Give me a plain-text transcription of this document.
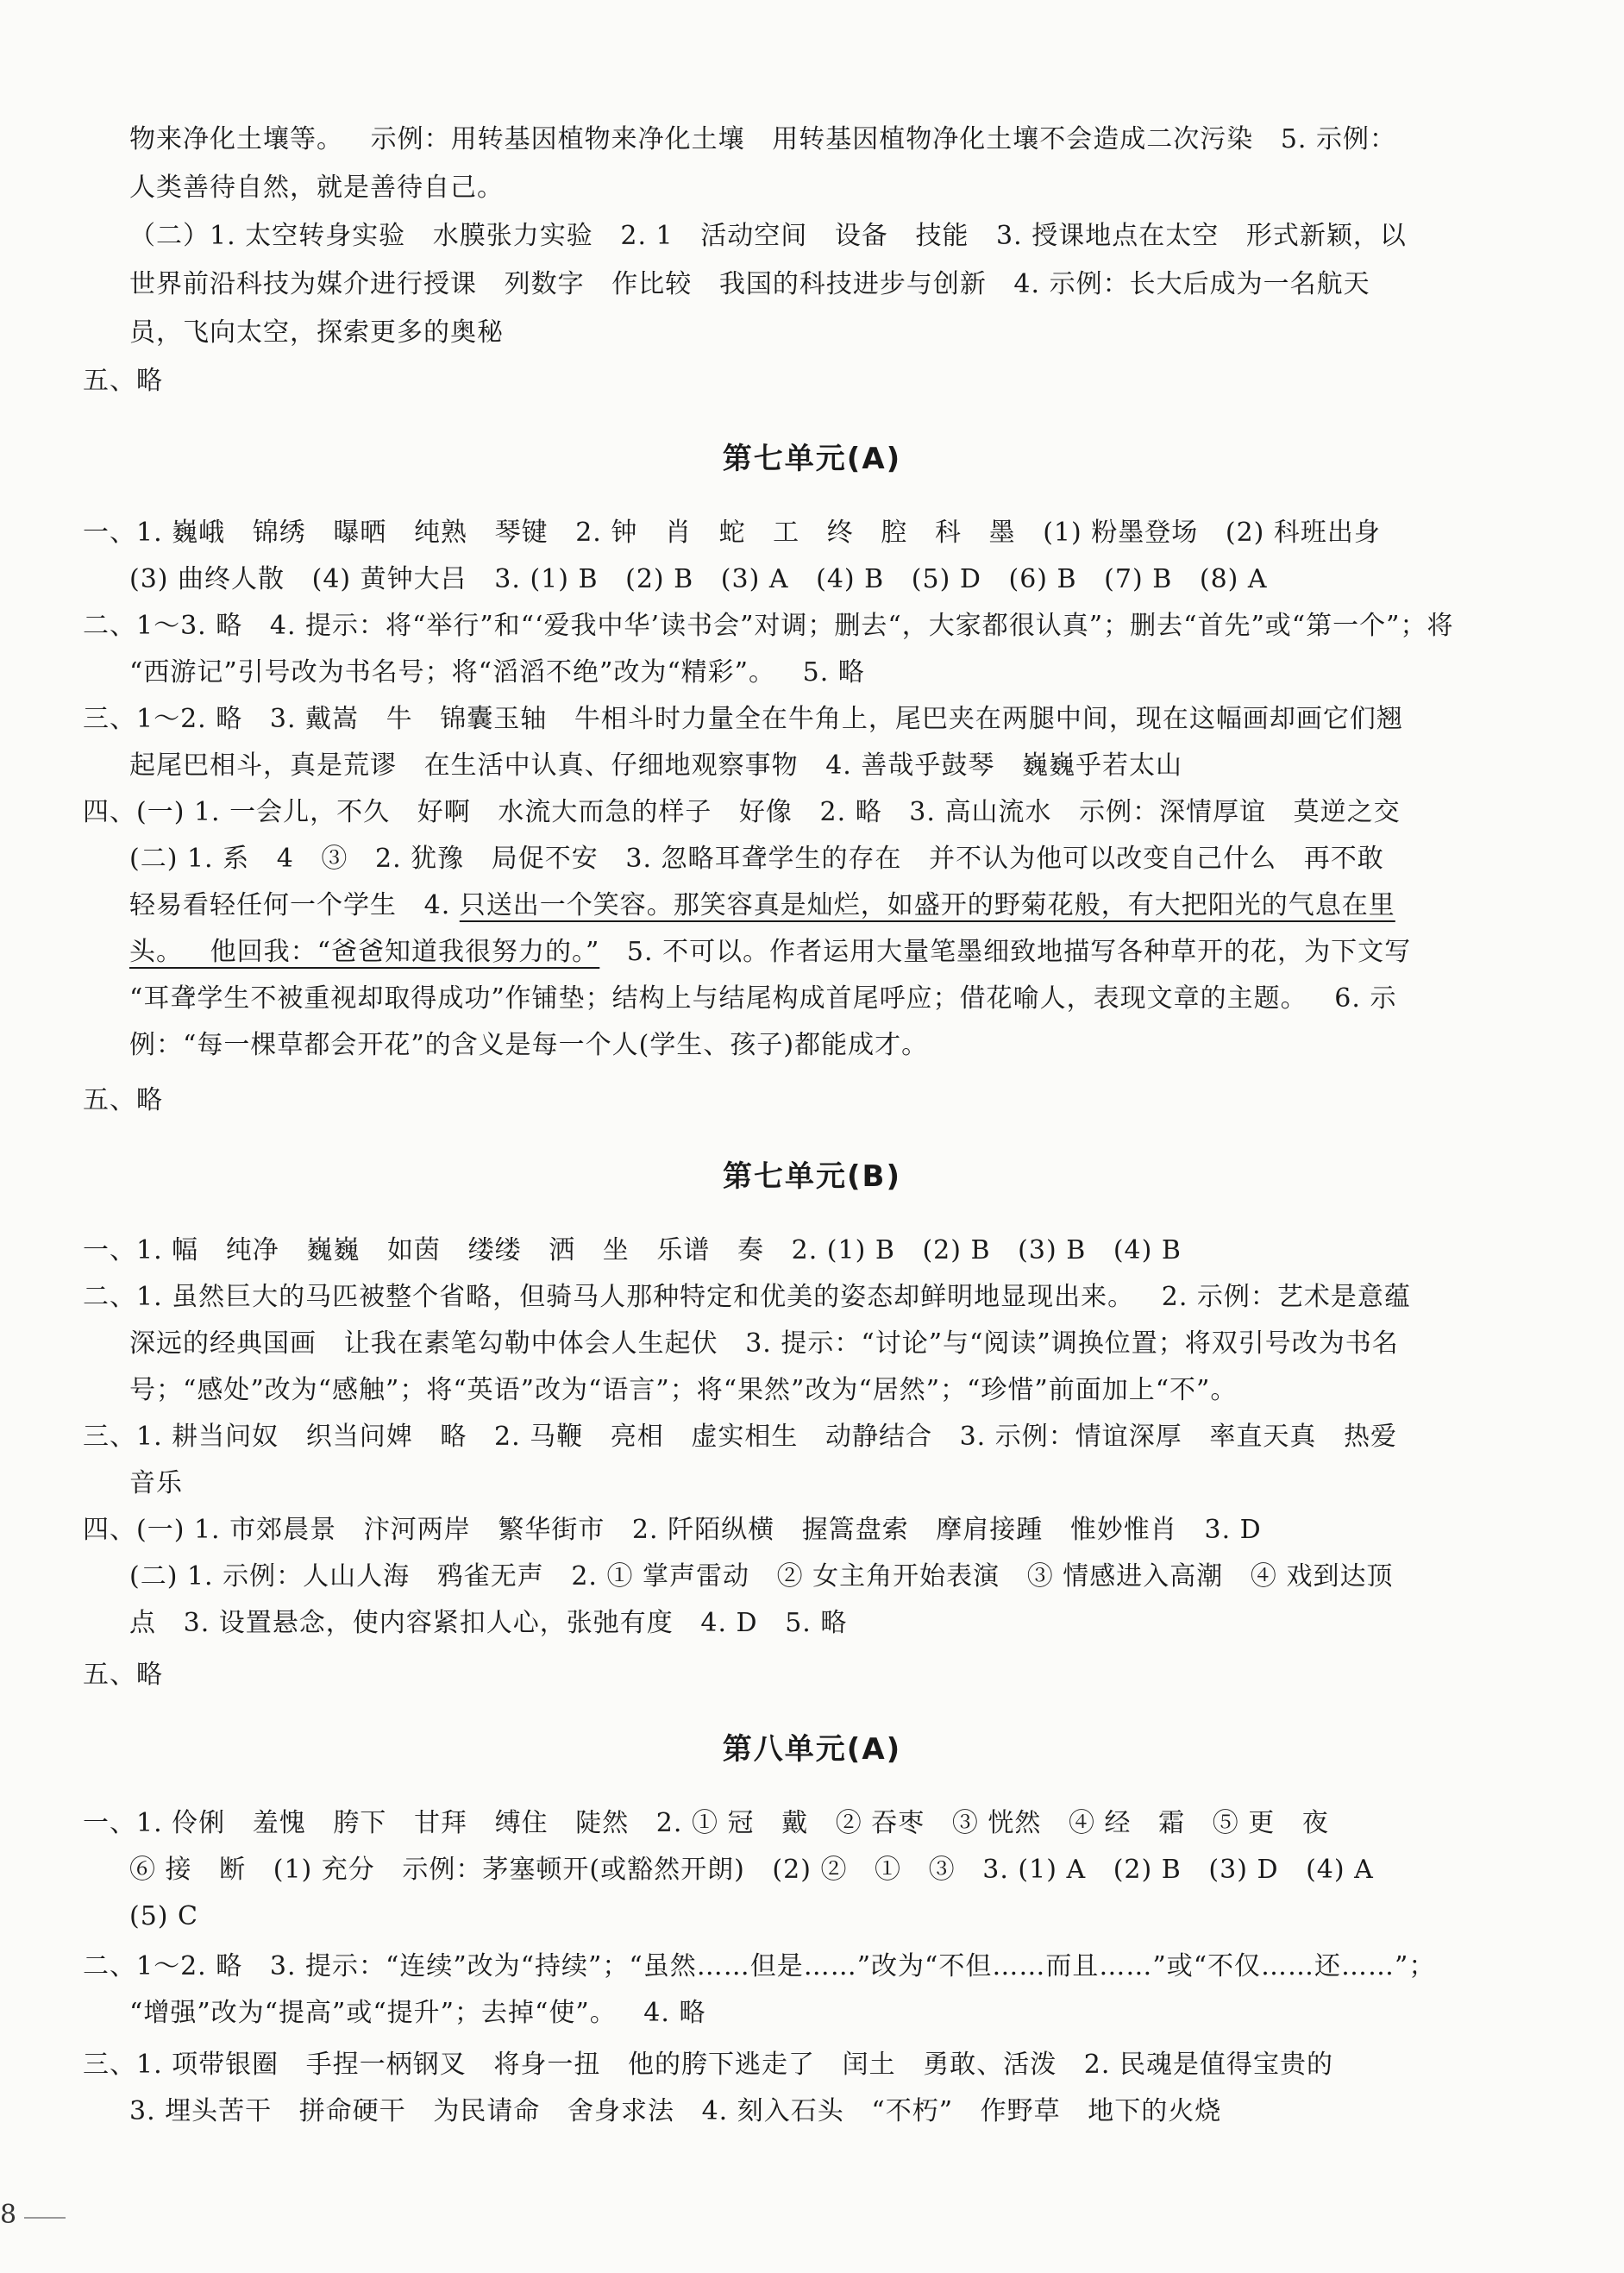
物来净化土壤等。   示例：用转基因植物来净化土壤   用转基因植物净化土壤不会造成二次污染   5. 示例：
人类善待自然，就是善待自己。
（二）1. 太空转身实验   水膜张力实验   2. 1   活动空间   设备   技能   3. 授课地点在太空   形式新颖，以
世界前沿科技为媒介进行授课   列数字   作比较   我国的科技进步与创新   4. 示例：长大后成为一名航天
员，飞向太空，探索更多的奥秘
五、略
第七单元(A)
一、1. 巍峨   锦绣   曝晒   纯熟   琴键   2. 钟   肖   蛇   工   终   腔   科   墨   (1) 粉墨登场   (2) 科班出身
(3) 曲终人散   (4) 黄钟大吕   3. (1) B   (2) B   (3) A   (4) B   (5) D   (6) B   (7) B   (8) A
二、1～3. 略   4. 提示：将“举行”和“‘爱我中华’读书会”对调；删去“，大家都很认真”；删去“首先”或“第一个”；将
“西游记”引号改为书名号；将“滔滔不绝”改为“精彩”。   5. 略
三、1～2. 略   3. 戴嵩   牛   锦囊玉轴   牛相斗时力量全在牛角上，尾巴夹在两腿中间，现在这幅画却画它们翘
起尾巴相斗，真是荒谬   在生活中认真、仔细地观察事物   4. 善哉乎鼓琴   巍巍乎若太山
四、(一) 1. 一会儿，不久   好啊   水流大而急的样子   好像   2. 略   3. 高山流水   示例：深情厚谊   莫逆之交
(二) 1. 系   4   ③   2. 犹豫   局促不安   3. 忽略耳聋学生的存在   并不认为他可以改变自己什么   再不敢
轻易看轻任何一个学生   4. 只送出一个笑容。那笑容真是灿烂，如盛开的野菊花般，有大把阳光的气息在里
头。   他回我：“爸爸知道我很努力的。”   5. 不可以。作者运用大量笔墨细致地描写各种草开的花，为下文写
“耳聋学生不被重视却取得成功”作铺垫；结构上与结尾构成首尾呼应；借花喻人，表现文章的主题。   6. 示
例：“每一棵草都会开花”的含义是每一个人(学生、孩子)都能成才。
五、略
第七单元(B)
一、1. 幅   纯净   巍巍   如茵   缕缕   洒   坐   乐谱   奏   2. (1) B   (2) B   (3) B   (4) B
二、1. 虽然巨大的马匹被整个省略，但骑马人那种特定和优美的姿态却鲜明地显现出来。   2. 示例：艺术是意蕴
深远的经典国画   让我在素笔勾勒中体会人生起伏   3. 提示：“讨论”与“阅读”调换位置；将双引号改为书名
号；“感处”改为“感触”；将“英语”改为“语言”；将“果然”改为“居然”；“珍惜”前面加上“不”。
三、1. 耕当问奴   织当问婢   略   2. 马鞭   亮相   虚实相生   动静结合   3. 示例：情谊深厚   率直天真   热爱
音乐
四、(一) 1. 市郊晨景   汴河两岸   繁华街市   2. 阡陌纵横   握篙盘索   摩肩接踵   惟妙惟肖   3. D
(二) 1. 示例：人山人海   鸦雀无声   2. ① 掌声雷动   ② 女主角开始表演   ③ 情感进入高潮   ④ 戏到达顶
点   3. 设置悬念，使内容紧扣人心，张弛有度   4. D   5. 略
五、略
第八单元(A)
一、1. 伶俐   羞愧   胯下   甘拜   缚住   陡然   2. ① 冠   戴   ② 吞枣   ③ 恍然   ④ 经   霜   ⑤ 更   夜
⑥ 接   断   (1) 充分   示例：茅塞顿开(或豁然开朗)   (2) ②   ①   ③   3. (1) A   (2) B   (3) D   (4) A
(5) C
二、1～2. 略   3. 提示：“连续”改为“持续”；“虽然……但是……”改为“不但……而且……”或“不仅……还……”；
“增强”改为“提高”或“提升”；去掉“使”。   4. 略
三、1. 项带银圈   手捏一柄钢叉   将身一扭   他的胯下逃走了   闰土   勇敢、活泼   2. 民魂是值得宝贵的
3. 埋头苦干   拼命硬干   为民请命   舍身求法   4. 刻入石头   “不朽”   作野草   地下的火烧
8
